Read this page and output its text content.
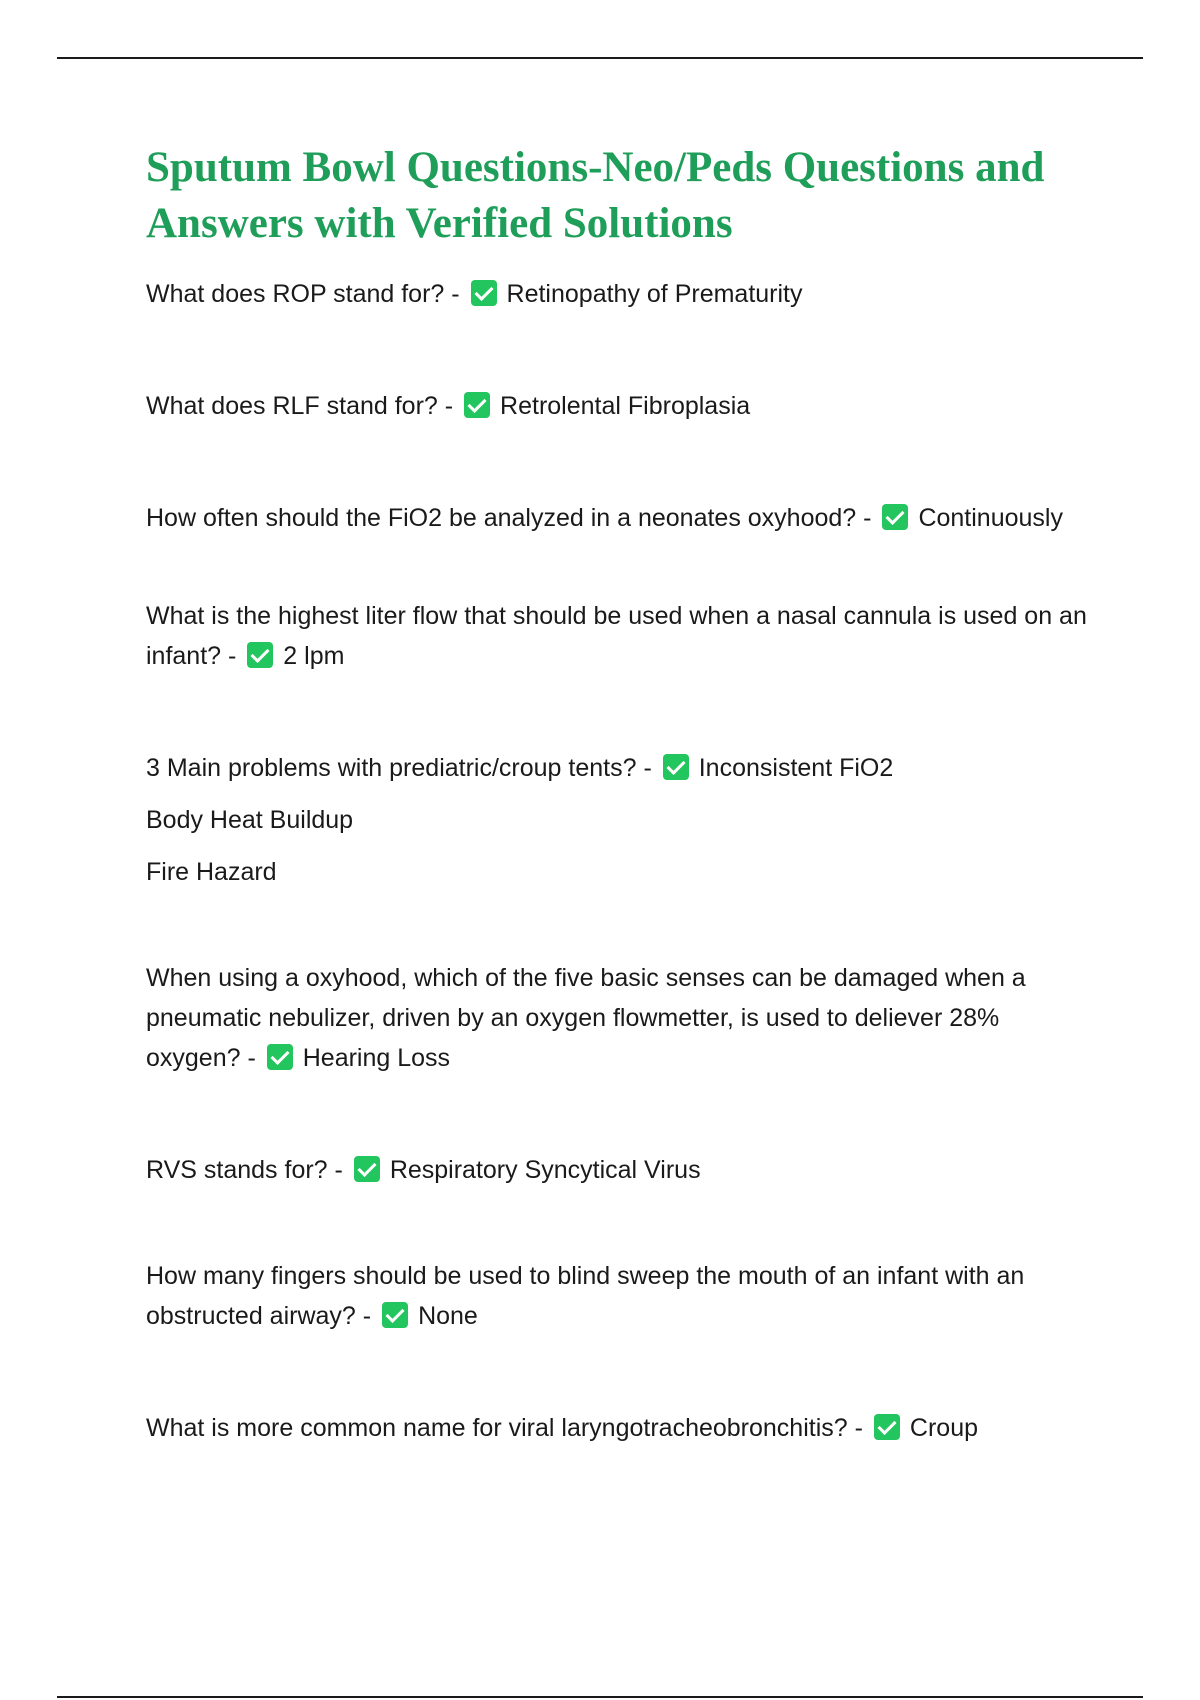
Sputum Bowl Questions-Neo/Peds Questions and Answers with Verified Solutions

What does ROP stand for? - Retinopathy of Prematurity

What does RLF stand for? - Retrolental Fibroplasia

How often should the FiO2 be analyzed in a neonates oxyhood? - Continuously

What is the highest liter flow that should be used when a nasal cannula is used on an infant? - 2 lpm

3 Main problems with prediatric/croup tents? - Inconsistent FiO2

Body Heat Buildup

Fire Hazard

When using a oxyhood, which of the five basic senses can be damaged when a pneumatic nebulizer, driven by an oxygen flowmetter, is used to deliever 28% oxygen? - Hearing Loss

RVS stands for? - Respiratory Syncytical Virus

How many fingers should be used to blind sweep the mouth of an infant with an obstructed airway? - None

What is more common name for viral laryngotracheobronchitis? - Croup
